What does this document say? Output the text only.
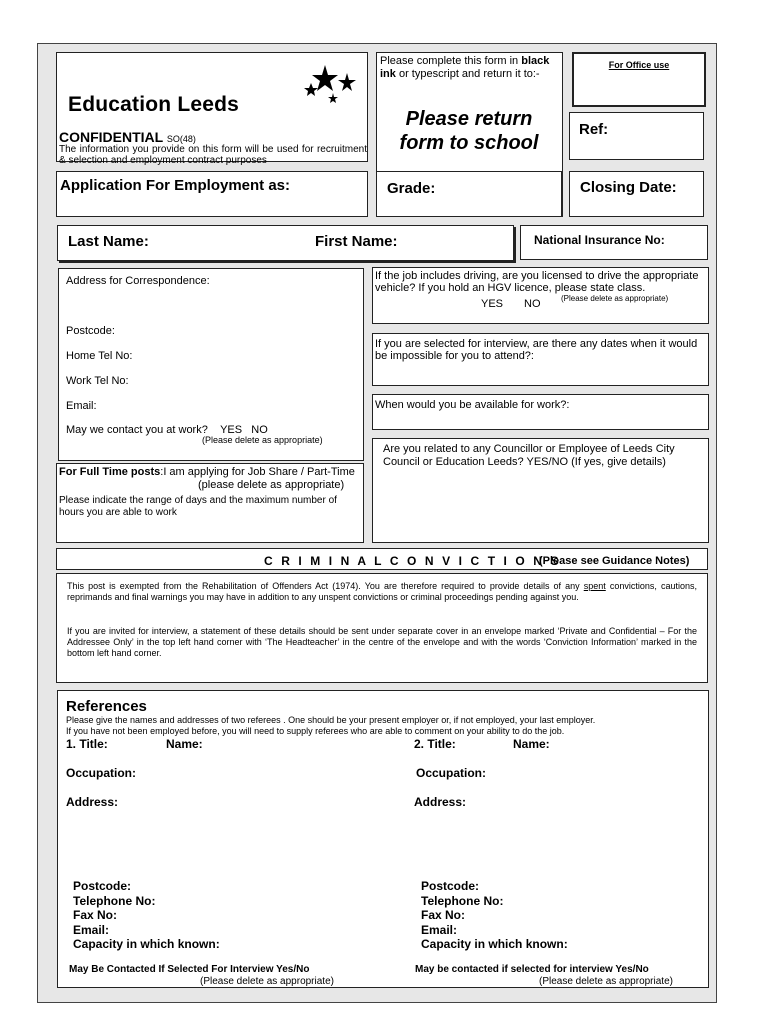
Education Leeds
CONFIDENTIAL SO(48)
The information you provide on this form will be used for recruitment & selection and employment contract purposes
Please complete this form in black ink or typescript and return it to:-
Please return form to school
For Office use
Ref:
Application For Employment as:	Grade:	Closing Date:
Last Name:	First Name:	National Insurance No:
Address for Correspondence:
Postcode:
Home Tel No:
Work Tel No:
Email:
May we contact you at work? YES NO
(Please delete as appropriate)
For Full Time posts:I am applying for Job Share / Part-Time
(please delete as appropriate)
Please indicate the range of days and the maximum number of hours you are able to work
If the job includes driving, are you licensed to drive the appropriate vehicle? If you hold an HGV licence, please state class.
YES NO	(Please delete as appropriate)
If you are selected for interview, are there any dates when it would be impossible for you to attend?:
When would you be available for work?:
Are you related to any Councillor or Employee of Leeds City Council or Education Leeds? YES/NO (If yes, give details)
C R I M I N A L C O N V I C T I O N S
(Please see Guidance Notes)
This post is exempted from the Rehabilitation of Offenders Act (1974). You are therefore required to provide details of any spent convictions, cautions, reprimands and final warnings you may have in addition to any unspent convictions or criminal proceedings pending against you.
If you are invited for interview, a statement of these details should be sent under separate cover in an envelope marked ‘Private and Confidential – For the Addressee Only’ in the top left hand corner with ‘The Headteacher’ in the centre of the envelope and with the words ‘Conviction Information’ marked in the bottom left hand corner.
References
Please give the names and addresses of two referees . One should be your present employer or, if not employed, your last employer.
If you have not been employed before, you will need to supply referees who are able to comment on your ability to do the job.
1. Title:	Name:
Occupation:
Address:
Postcode:
Telephone No:
Fax No:
Email:
Capacity in which known:
May Be Contacted If Selected For Interview Yes/No
(Please delete as appropriate)
2. Title:	Name:
Occupation:
Address:
Postcode:
Telephone No:
Fax No:
Email:
Capacity in which known:
May be contacted if selected for interview Yes/No
(Please delete as appropriate)
